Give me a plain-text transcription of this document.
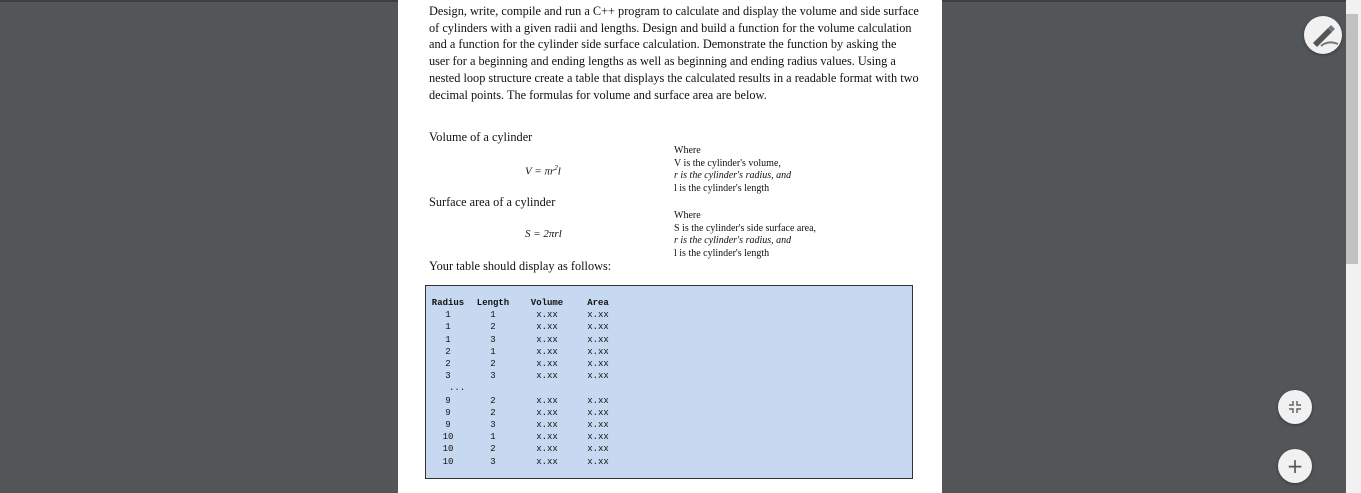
Design, write, compile and run a C++ program to calculate and display the volume and side surface of cylinders with a given radii and lengths. Design and build a function for the volume calculation and a function for the cylinder side surface calculation. Demonstrate the function by asking the user for a beginning and ending lengths as well as beginning and ending radius values. Using a nested loop structure create a table that displays the calculated results in a readable format with two decimal points. The formulas for volume and surface area are below.

Volume of a cylinder

$V = \pi r^2l$
Where
V is the cylinder's volume,
r is the cylinder's radius, and
l is the cylinder's length

Surface area of a cylinder

S = 2πrl
Where
S is the cylinder's side surface area,
r is the cylinder's radius, and
l is the cylinder's length

Your table should display as follows:

Radius	Length	Volume	Area
1	1	x.xx	x.xx
1	2	x.xx	x.xx
1	3	x.xx	x.xx
2	1	x.xx	x.xx
2	2	x.xx	x.xx
3	3	x.xx	x.xx
...			
9	2	x.xx	x.xx
9	2	x.xx	x.xx
9	3	x.xx	x.xx
10	1	x.xx	x.xx
10	2	x.xx	x.xx
10	3	x.xx	x.xx	+
